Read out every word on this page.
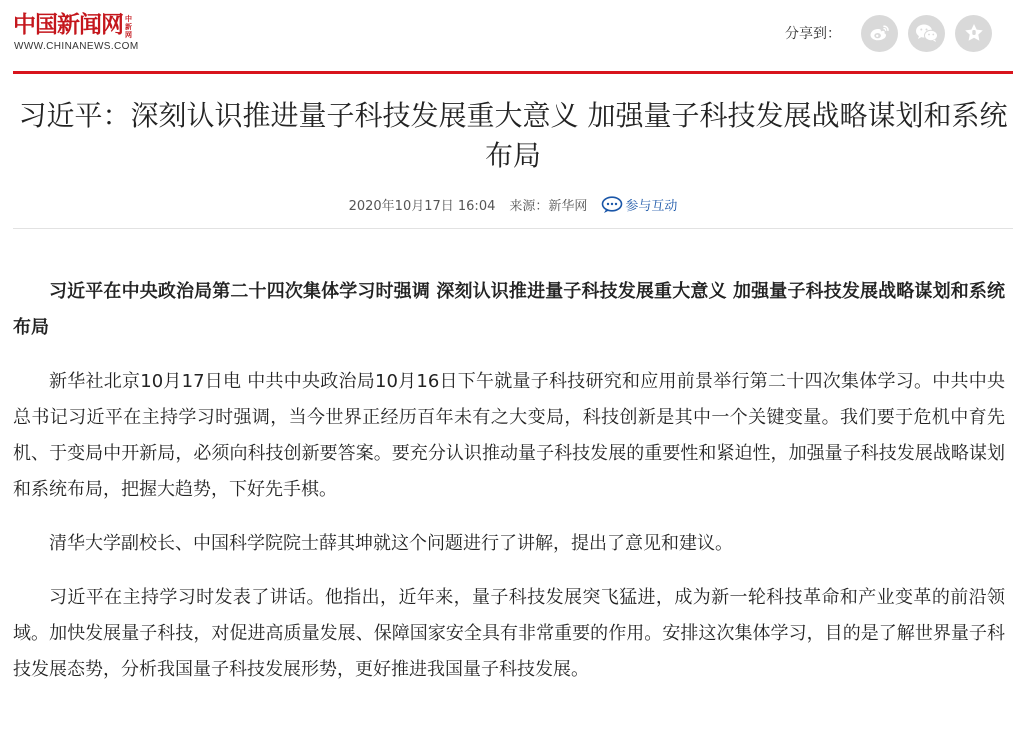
中国新闻网 中新网
WWW.CHINANEWS.COM
分享到：
习近平：深刻认识推进量子科技发展重大意义 加强量子科技发展战略谋划和系统布局
2020年10月17日 16:04 来源：新华网	参与互动

习近平在中央政治局第二十四次集体学习时强调 深刻认识推进量子科技发展重大意义 加强量子科技发展战略谋划和系统布局

新华社北京10月17日电 中共中央政治局10月16日下午就量子科技研究和应用前景举行第二十四次集体学习。中共中央总书记习近平在主持学习时强调，当今世界正经历百年未有之大变局，科技创新是其中一个关键变量。我们要于危机中育先机、于变局中开新局，必须向科技创新要答案。要充分认识推动量子科技发展的重要性和紧迫性，加强量子科技发展战略谋划和系统布局，把握大趋势，下好先手棋。

清华大学副校长、中国科学院院士薛其坤就这个问题进行了讲解，提出了意见和建议。

习近平在主持学习时发表了讲话。他指出，近年来，量子科技发展突飞猛进，成为新一轮科技革命和产业变革的前沿领域。加快发展量子科技，对促进高质量发展、保障国家安全具有非常重要的作用。安排这次集体学习，目的是了解世界量子科技发展态势，分析我国量子科技发展形势，更好推进我国量子科技发展。
